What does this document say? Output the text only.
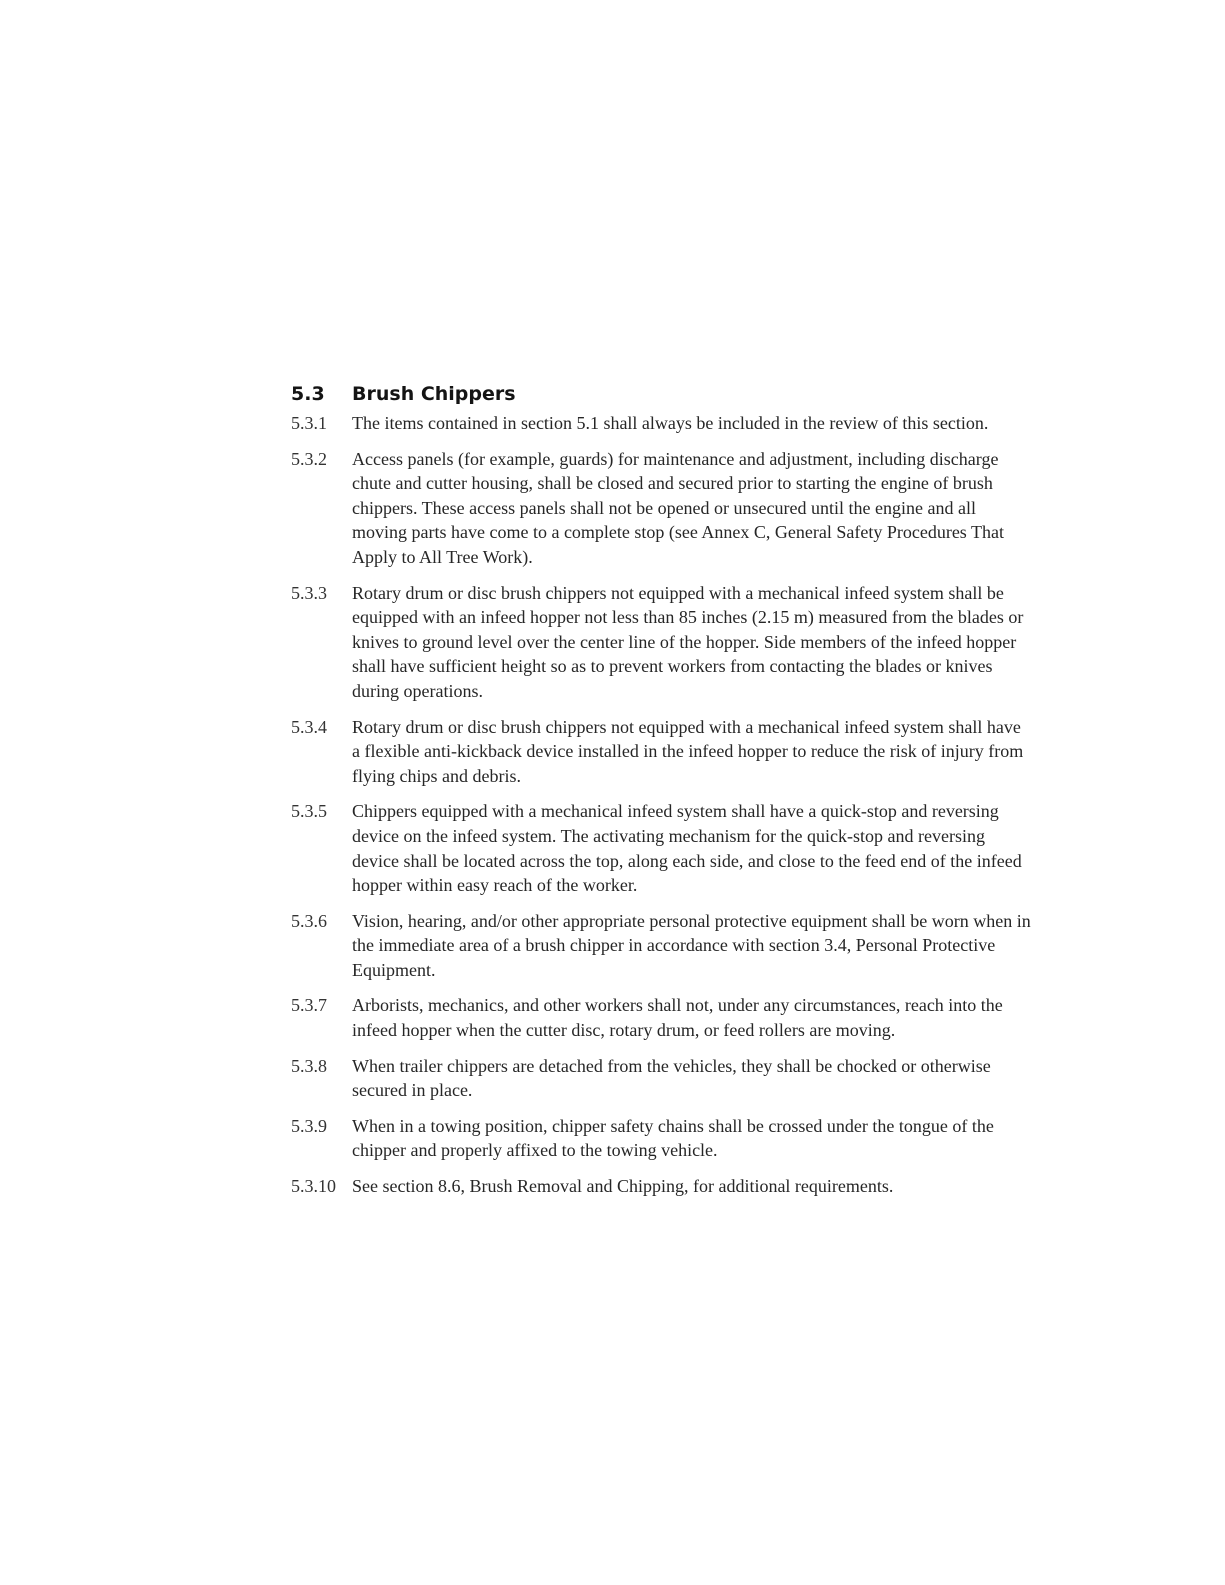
5.3	Brush Chippers
5.3.1	The items contained in section 5.1 shall always be included in the review of this section.
5.3.2	Access panels (for example, guards) for maintenance and adjustment, including discharge chute and cutter housing, shall be closed and secured prior to starting the engine of brush chippers. These access panels shall not be opened or unsecured until the engine and all moving parts have come to a complete stop (see Annex C, General Safety Procedures That Apply to All Tree Work).
5.3.3	Rotary drum or disc brush chippers not equipped with a mechanical infeed system shall be equipped with an infeed hopper not less than 85 inches (2.15 m) measured from the blades or knives to ground level over the center line of the hopper. Side members of the infeed hopper shall have sufficient height so as to prevent workers from contacting the blades or knives during operations.
5.3.4	Rotary drum or disc brush chippers not equipped with a mechanical infeed system shall have a flexible anti-kickback device installed in the infeed hopper to reduce the risk of injury from flying chips and debris.
5.3.5	Chippers equipped with a mechanical infeed system shall have a quick-stop and reversing device on the infeed system. The activating mechanism for the quick-stop and reversing device shall be located across the top, along each side, and close to the feed end of the infeed hopper within easy reach of the worker.
5.3.6	Vision, hearing, and/or other appropriate personal protective equipment shall be worn when in the immediate area of a brush chipper in accordance with section 3.4, Personal Protective Equipment.
5.3.7	Arborists, mechanics, and other workers shall not, under any circumstances, reach into the infeed hopper when the cutter disc, rotary drum, or feed rollers are moving.
5.3.8	When trailer chippers are detached from the vehicles, they shall be chocked or otherwise secured in place.
5.3.9	When in a towing position, chipper safety chains shall be crossed under the tongue of the chipper and properly affixed to the towing vehicle.
5.3.10 See section 8.6, Brush Removal and Chipping, for additional requirements.
